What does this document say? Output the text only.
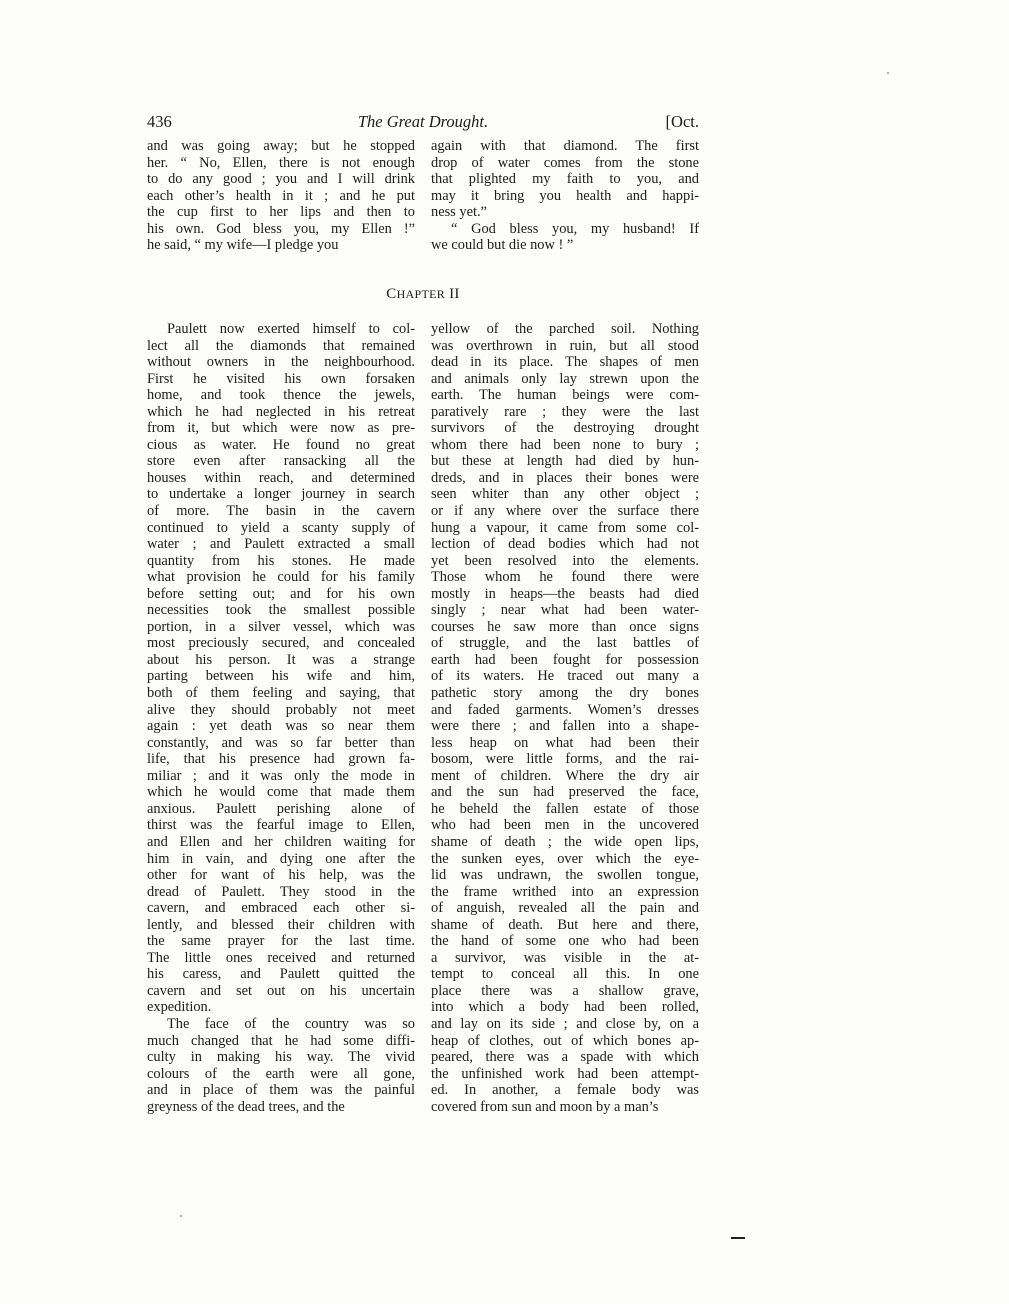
436	The Great Drought.	[Oct.
and was going away; but he stopped
her. “ No, Ellen, there is not enough
to do any good ; you and I will drink
each other’s health in it ; and he put
the cup first to her lips and then to
his own. God bless you, my Ellen !”
he said, “ my wife—I pledge you
again with that diamond. The first
drop of water comes from the stone
that plighted my faith to you, and
may it bring you health and happi-
ness yet.”
“ God bless you, my husband! If
we could but die now ! ”
CHAPTER II
Paulett now exerted himself to col-
lect all the diamonds that remained
without owners in the neighbourhood.
First he visited his own forsaken
home, and took thence the jewels,
which he had neglected in his retreat
from it, but which were now as pre-
cious as water. He found no great
store even after ransacking all the
houses within reach, and determined
to undertake a longer journey in search
of more. The basin in the cavern
continued to yield a scanty supply of
water ; and Paulett extracted a small
quantity from his stones. He made
what provision he could for his family
before setting out; and for his own
necessities took the smallest possible
portion, in a silver vessel, which was
most preciously secured, and concealed
about his person. It was a strange
parting between his wife and him,
both of them feeling and saying, that
alive they should probably not meet
again : yet death was so near them
constantly, and was so far better than
life, that his presence had grown fa-
miliar ; and it was only the mode in
which he would come that made them
anxious. Paulett perishing alone of
thirst was the fearful image to Ellen,
and Ellen and her children waiting for
him in vain, and dying one after the
other for want of his help, was the
dread of Paulett. They stood in the
cavern, and embraced each other si-
lently, and blessed their children with
the same prayer for the last time.
The little ones received and returned
his caress, and Paulett quitted the
cavern and set out on his uncertain
expedition.
The face of the country was so
much changed that he had some diffi-
culty in making his way. The vivid
colours of the earth were all gone,
and in place of them was the painful
greyness of the dead trees, and the
yellow of the parched soil. Nothing
was overthrown in ruin, but all stood
dead in its place. The shapes of men
and animals only lay strewn upon the
earth. The human beings were com-
paratively rare ; they were the last
survivors of the destroying drought
whom there had been none to bury ;
but these at length had died by hun-
dreds, and in places their bones were
seen whiter than any other object ;
or if any where over the surface there
hung a vapour, it came from some col-
lection of dead bodies which had not
yet been resolved into the elements.
Those whom he found there were
mostly in heaps—the beasts had died
singly ; near what had been water-
courses he saw more than once signs
of struggle, and the last battles of
earth had been fought for possession
of its waters. He traced out many a
pathetic story among the dry bones
and faded garments. Women’s dresses
were there ; and fallen into a shape-
less heap on what had been their
bosom, were little forms, and the rai-
ment of children. Where the dry air
and the sun had preserved the face,
he beheld the fallen estate of those
who had been men in the uncovered
shame of death ; the wide open lips,
the sunken eyes, over which the eye-
lid was undrawn, the swollen tongue,
the frame writhed into an expression
of anguish, revealed all the pain and
shame of death. But here and there,
the hand of some one who had been
a survivor, was visible in the at-
tempt to conceal all this. In one
place there was a shallow grave,
into which a body had been rolled,
and lay on its side ; and close by, on a
heap of clothes, out of which bones ap-
peared, there was a spade with which
the unfinished work had been attempt-
ed. In another, a female body was
covered from sun and moon by a man’s
